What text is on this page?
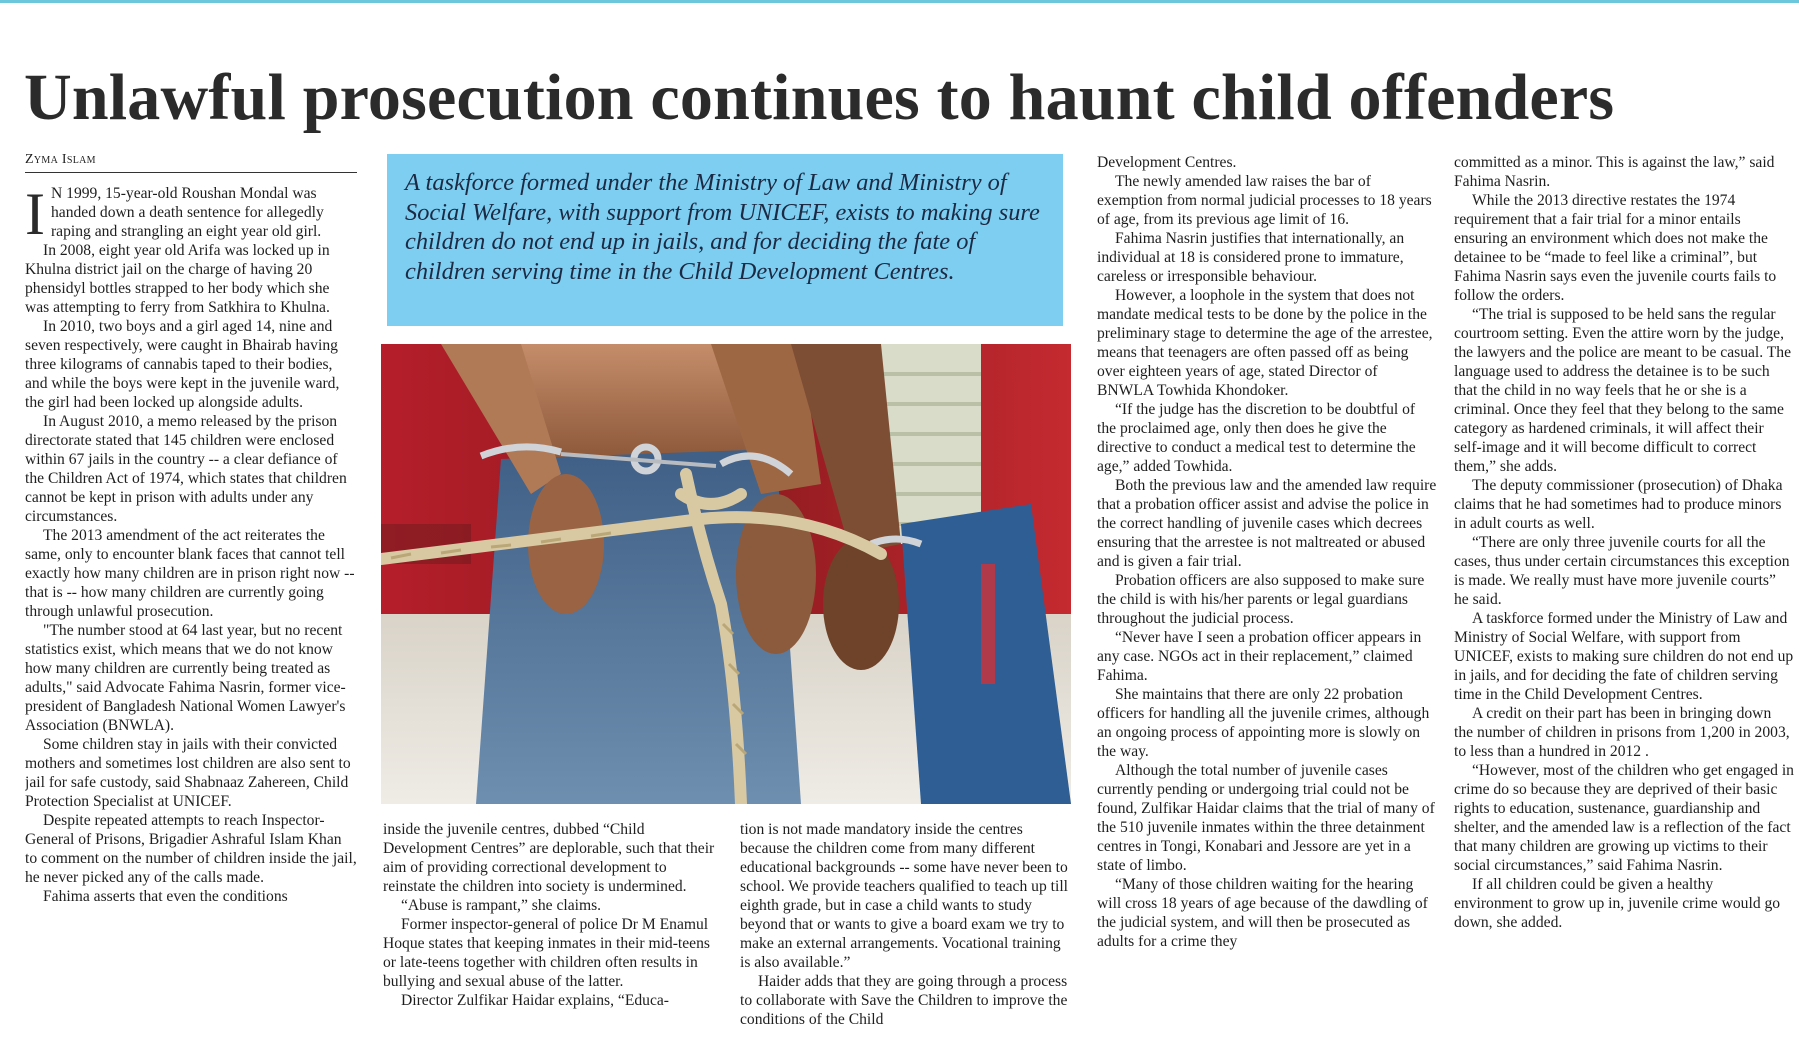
Unlawful prosecution continues to haunt child offenders
Zyma Islam

I N 1999, 15-year-old Roushan Mondal was handed down a death sentence for allegedly raping and strangling an eight year old girl.

In 2008, eight year old Arifa was locked up in Khulna district jail on the charge of having 20 phensidyl bottles strapped to her body which she was attempting to ferry from Satkhira to Khulna.

In 2010, two boys and a girl aged 14, nine and seven respectively, were caught in Bhairab having three kilograms of cannabis taped to their bodies, and while the boys were kept in the juvenile ward, the girl had been locked up alongside adults.

In August 2010, a memo released by the prison directorate stated that 145 children were enclosed within 67 jails in the country -- a clear defiance of the Children Act of 1974, which states that children cannot be kept in prison with adults under any circumstances.

The 2013 amendment of the act reiterates the same, only to encounter blank faces that cannot tell exactly how many children are in prison right now -- that is -- how many children are currently going through unlawful prosecution.

"The number stood at 64 last year, but no recent statistics exist, which means that we do not know how many children are currently being treated as adults," said Advocate Fahima Nasrin, former vice-president of Bangladesh National Women Lawyer's Association (BNWLA).

Some children stay in jails with their convicted mothers and sometimes lost children are also sent to jail for safe custody, said Shabnaaz Zahereen, Child Protection Specialist at UNICEF.

Despite repeated attempts to reach Inspector-General of Prisons, Brigadier Ashraful Islam Khan to comment on the number of children inside the jail, he never picked any of the calls made.

Fahima asserts that even the conditions

A taskforce formed under the Ministry of Law and Ministry of Social Welfare, with support from UNICEF, exists to making sure children do not end up in jails, and for deciding the fate of children serving time in the Child Development Centres.

inside the juvenile centres, dubbed “Child Development Centres” are deplorable, such that their aim of providing correctional development to reinstate the children into society is undermined.

“Abuse is rampant,” she claims.

Former inspector-general of police Dr M Enamul Hoque states that keeping inmates in their mid-teens or late-teens together with children often results in bullying and sexual abuse of the latter.

Director Zulfikar Haidar explains, “Educa-

tion is not made mandatory inside the centres because the children come from many different educational backgrounds -- some have never been to school. We provide teachers qualified to teach up till eighth grade, but in case a child wants to study beyond that or wants to give a board exam we try to make an external arrangements. Vocational training is also available.”

Haider adds that they are going through a process to collaborate with Save the Children to improve the conditions of the Child

Development Centres.

The newly amended law raises the bar of exemption from normal judicial processes to 18 years of age, from its previous age limit of 16.

Fahima Nasrin justifies that internationally, an individual at 18 is considered prone to immature, careless or irresponsible behaviour.

However, a loophole in the system that does not mandate medical tests to be done by the police in the preliminary stage to determine the age of the arrestee, means that teenagers are often passed off as being over eighteen years of age, stated Director of BNWLA Towhida Khondoker.

“If the judge has the discretion to be doubtful of the proclaimed age, only then does he give the directive to conduct a medical test to determine the age,” added Towhida.

Both the previous law and the amended law require that a probation officer assist and advise the police in the correct handling of juvenile cases which decrees ensuring that the arrestee is not maltreated or abused and is given a fair trial.

Probation officers are also supposed to make sure the child is with his/her parents or legal guardians throughout the judicial process.

“Never have I seen a probation officer appears in any case. NGOs act in their replacement,” claimed Fahima.

She maintains that there are only 22 probation officers for handling all the juvenile crimes, although an ongoing process of appointing more is slowly on the way.

Although the total number of juvenile cases currently pending or undergoing trial could not be found, Zulfikar Haidar claims that the trial of many of the 510 juvenile inmates within the three detainment centres in Tongi, Konabari and Jessore are yet in a state of limbo.

“Many of those children waiting for the hearing will cross 18 years of age because of the dawdling of the judicial system, and will then be prosecuted as adults for a crime they

committed as a minor. This is against the law,” said Fahima Nasrin.

While the 2013 directive restates the 1974 requirement that a fair trial for a minor entails ensuring an environment which does not make the detainee to be “made to feel like a criminal”, but Fahima Nasrin says even the juvenile courts fails to follow the orders.

“The trial is supposed to be held sans the regular courtroom setting. Even the attire worn by the judge, the lawyers and the police are meant to be casual. The language used to address the detainee is to be such that the child in no way feels that he or she is a criminal. Once they feel that they belong to the same category as hardened criminals, it will affect their self-image and it will become difficult to correct them,” she adds.

The deputy commissioner (prosecution) of Dhaka claims that he had sometimes had to produce minors in adult courts as well.

“There are only three juvenile courts for all the cases, thus under certain circumstances this exception is made. We really must have more juvenile courts” he said.

A taskforce formed under the Ministry of Law and Ministry of Social Welfare, with support from UNICEF, exists to making sure children do not end up in jails, and for deciding the fate of children serving time in the Child Development Centres.

A credit on their part has been in bringing down the number of children in prisons from 1,200 in 2003, to less than a hundred in 2012 .

“However, most of the children who get engaged in crime do so because they are deprived of their basic rights to education, sustenance, guardianship and shelter, and the amended law is a reflection of the fact that many children are growing up victims to their social circumstances,” said Fahima Nasrin.

If all children could be given a healthy environment to grow up in, juvenile crime would go down, she added.
